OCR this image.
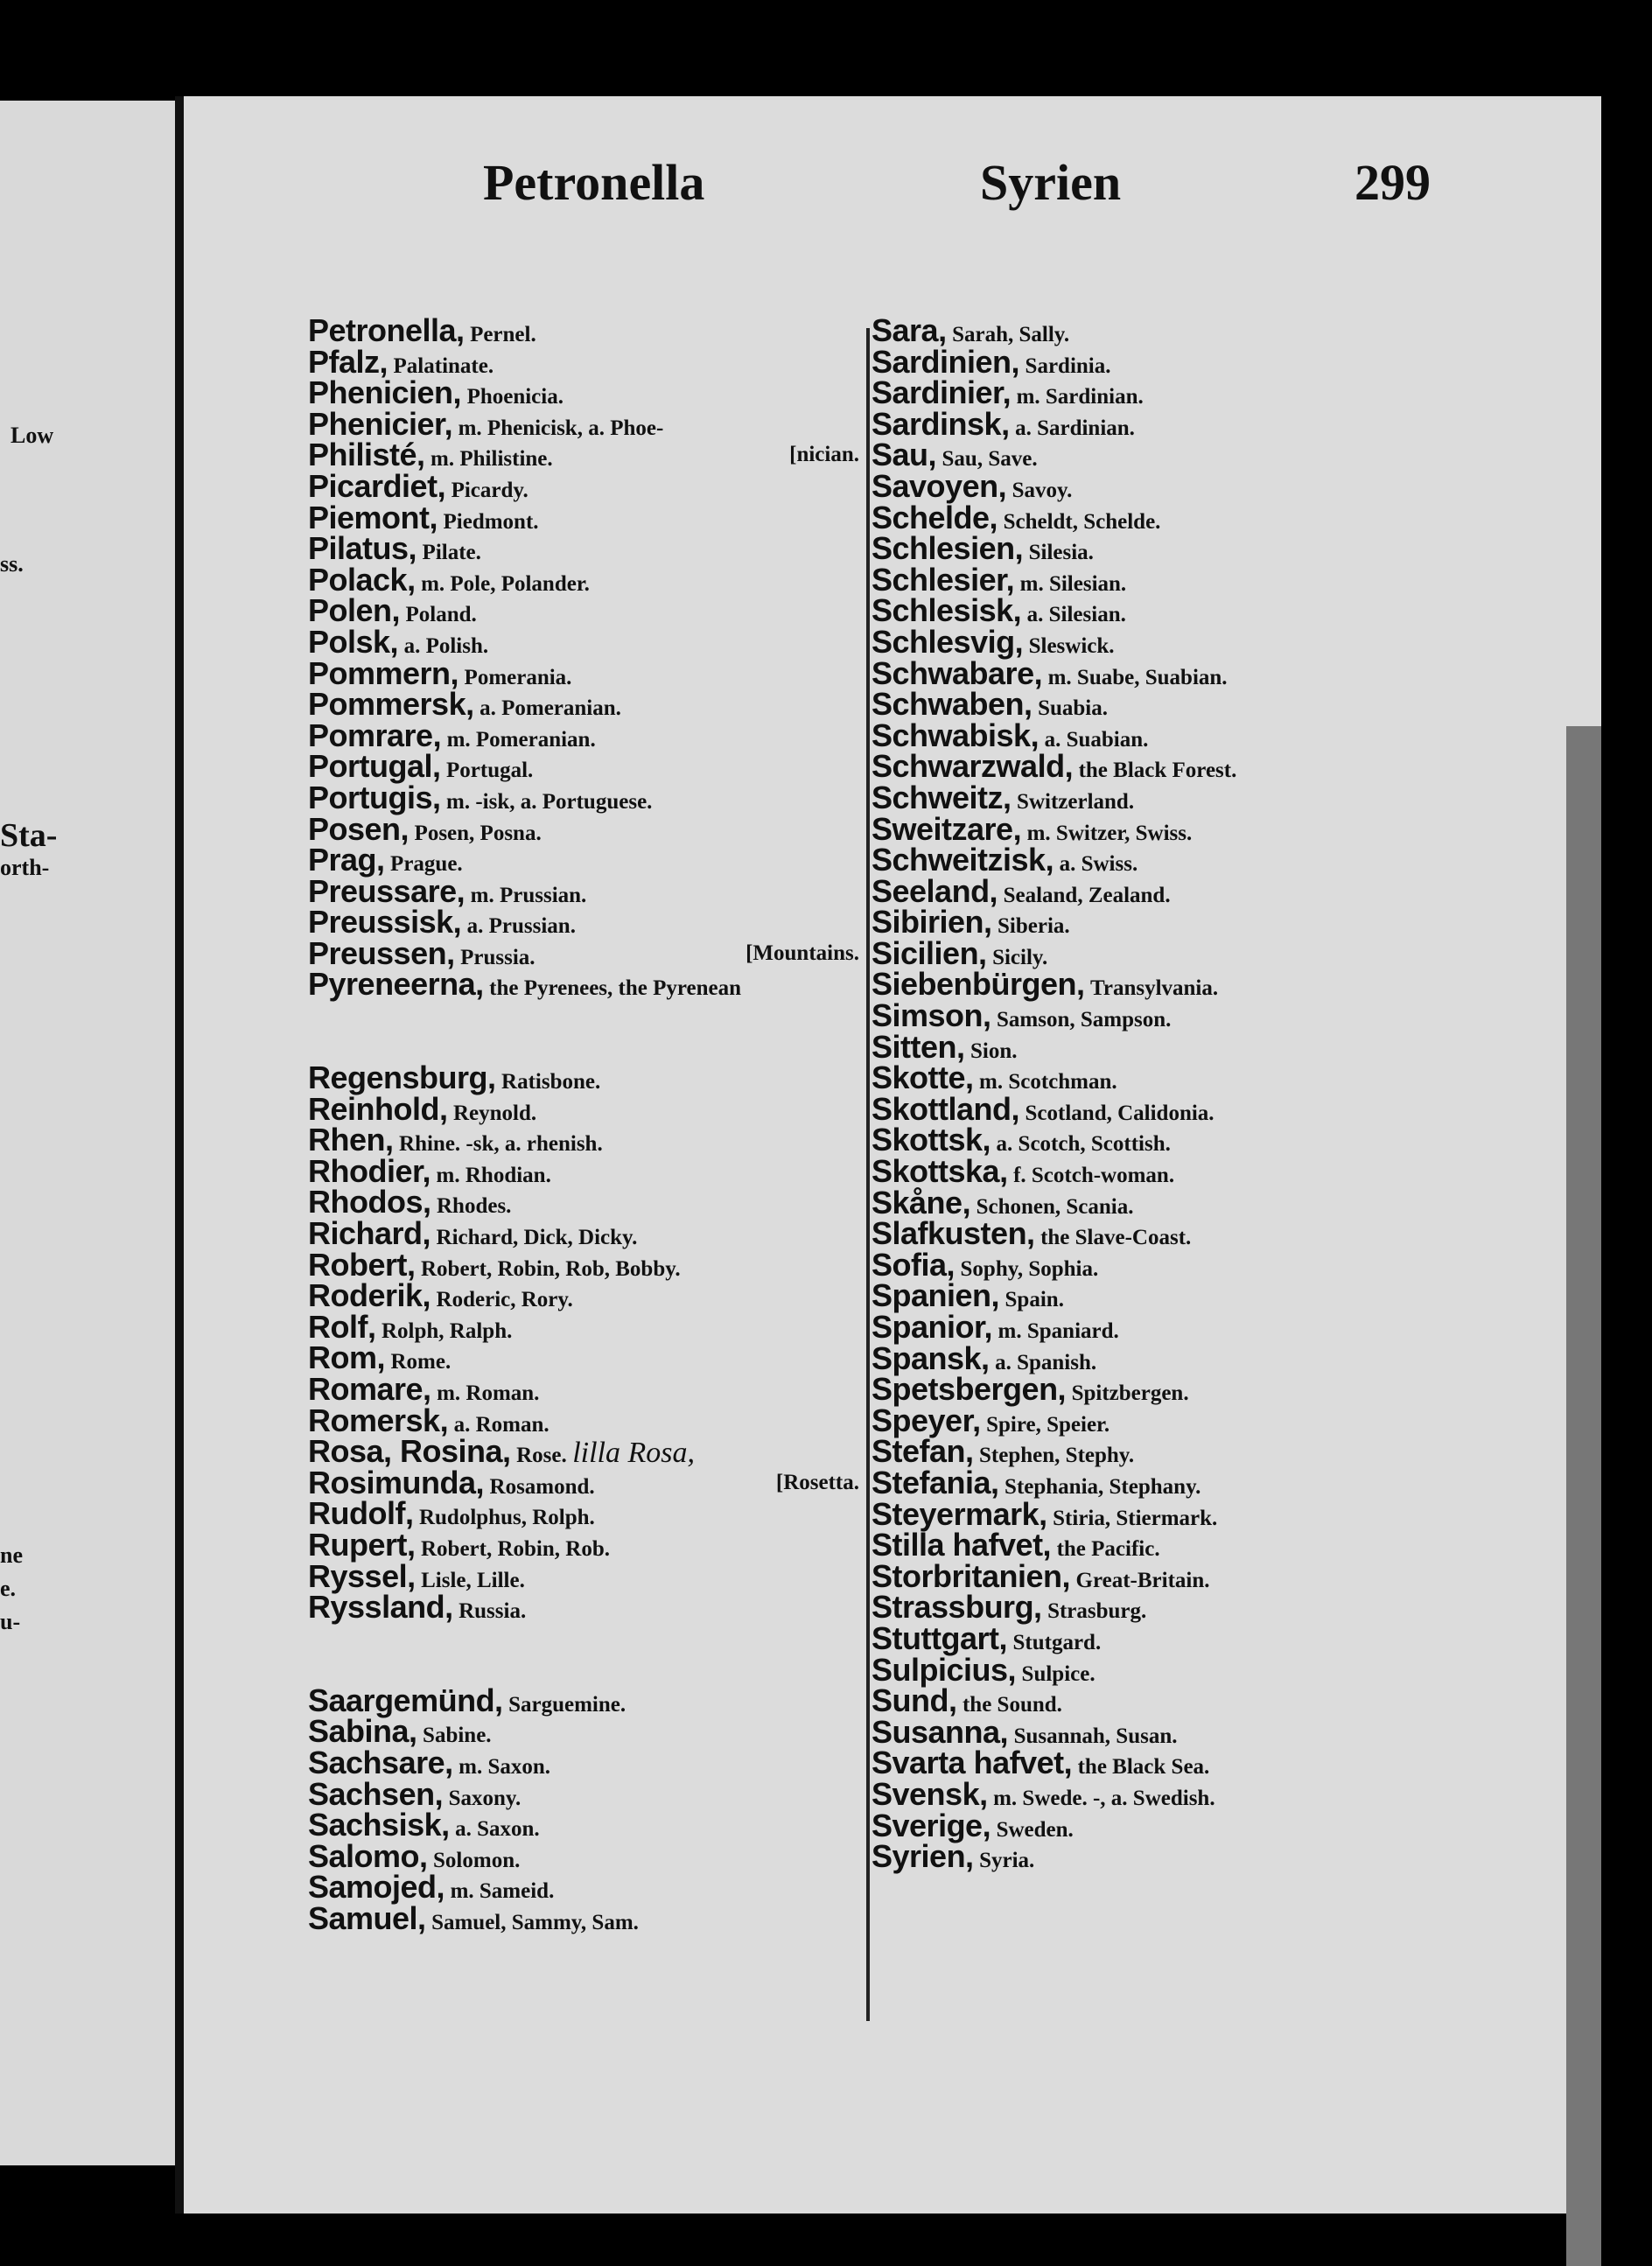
Low
ss.
Sta-
orth-
ne
e.
u-
Petronella	Syrien	299
Petronella, Pernel.
Pfalz, Palatinate.
Phenicien, Phoenicia.
Phenicier, m. Phenicisk, a. Phoe-
Philisté, m. Philistine.	[nician.
Picardiet, Picardy.
Piemont, Piedmont.
Pilatus, Pilate.
Polack, m. Pole, Polander.
Polen, Poland.
Polsk, a. Polish.
Pommern, Pomerania.
Pommersk, a. Pomeranian.
Pomrare, m. Pomeranian.
Portugal, Portugal.
Portugis, m. -isk, a. Portuguese.
Posen, Posen, Posna.
Prag, Prague.
Preussare, m. Prussian.
Preussisk, a. Prussian.
Preussen, Prussia.	[Mountains.
Pyreneerna, the Pyrenees, the Pyrenean
Regensburg, Ratisbone.
Reinhold, Reynold.
Rhen, Rhine. -sk, a. rhenish.
Rhodier, m. Rhodian.
Rhodos, Rhodes.
Richard, Richard, Dick, Dicky.
Robert, Robert, Robin, Rob, Bobby.
Roderik, Roderic, Rory.
Rolf, Rolph, Ralph.
Rom, Rome.
Romare, m. Roman.
Romersk, a. Roman.
Rosa, Rosina, Rose. lilla Rosa,
Rosimunda, Rosamond.	[Rosetta.
Rudolf, Rudolphus, Rolph.
Rupert, Robert, Robin, Rob.
Ryssel, Lisle, Lille.
Ryssland, Russia.
Saargemünd, Sarguemine.
Sabina, Sabine.
Sachsare, m. Saxon.
Sachsen, Saxony.
Sachsisk, a. Saxon.
Salomo, Solomon.
Samojed, m. Sameid.
Samuel, Samuel, Sammy, Sam.
Sara, Sarah, Sally.
Sardinien, Sardinia.
Sardinier, m. Sardinian.
Sardinsk, a. Sardinian.
Sau, Sau, Save.
Savoyen, Savoy.
Schelde, Scheldt, Schelde.
Schlesien, Silesia.
Schlesier, m. Silesian.
Schlesisk, a. Silesian.
Schlesvig, Sleswick.
Schwabare, m. Suabe, Suabian.
Schwaben, Suabia.
Schwabisk, a. Suabian.
Schwarzwald, the Black Forest.
Schweitz, Switzerland.
Sweitzare, m. Switzer, Swiss.
Schweitzisk, a. Swiss.
Seeland, Sealand, Zealand.
Sibirien, Siberia.
Sicilien, Sicily.
Siebenbürgen, Transylvania.
Simson, Samson, Sampson.
Sitten, Sion.
Skotte, m. Scotchman.
Skottland, Scotland, Calidonia.
Skottsk, a. Scotch, Scottish.
Skottska, f. Scotch-woman.
Skåne, Schonen, Scania.
Slafkusten, the Slave-Coast.
Sofia, Sophy, Sophia.
Spanien, Spain.
Spanior, m. Spaniard.
Spansk, a. Spanish.
Spetsbergen, Spitzbergen.
Speyer, Spire, Speier.
Stefan, Stephen, Stephy.
Stefania, Stephania, Stephany.
Steyermark, Stiria, Stiermark.
Stilla hafvet, the Pacific.
Storbritanien, Great-Britain.
Strassburg, Strasburg.
Stuttgart, Stutgard.
Sulpicius, Sulpice.
Sund, the Sound.
Susanna, Susannah, Susan.
Svarta hafvet, the Black Sea.
Svensk, m. Swede. -, a. Swedish.
Sverige, Sweden.
Syrien, Syria.
